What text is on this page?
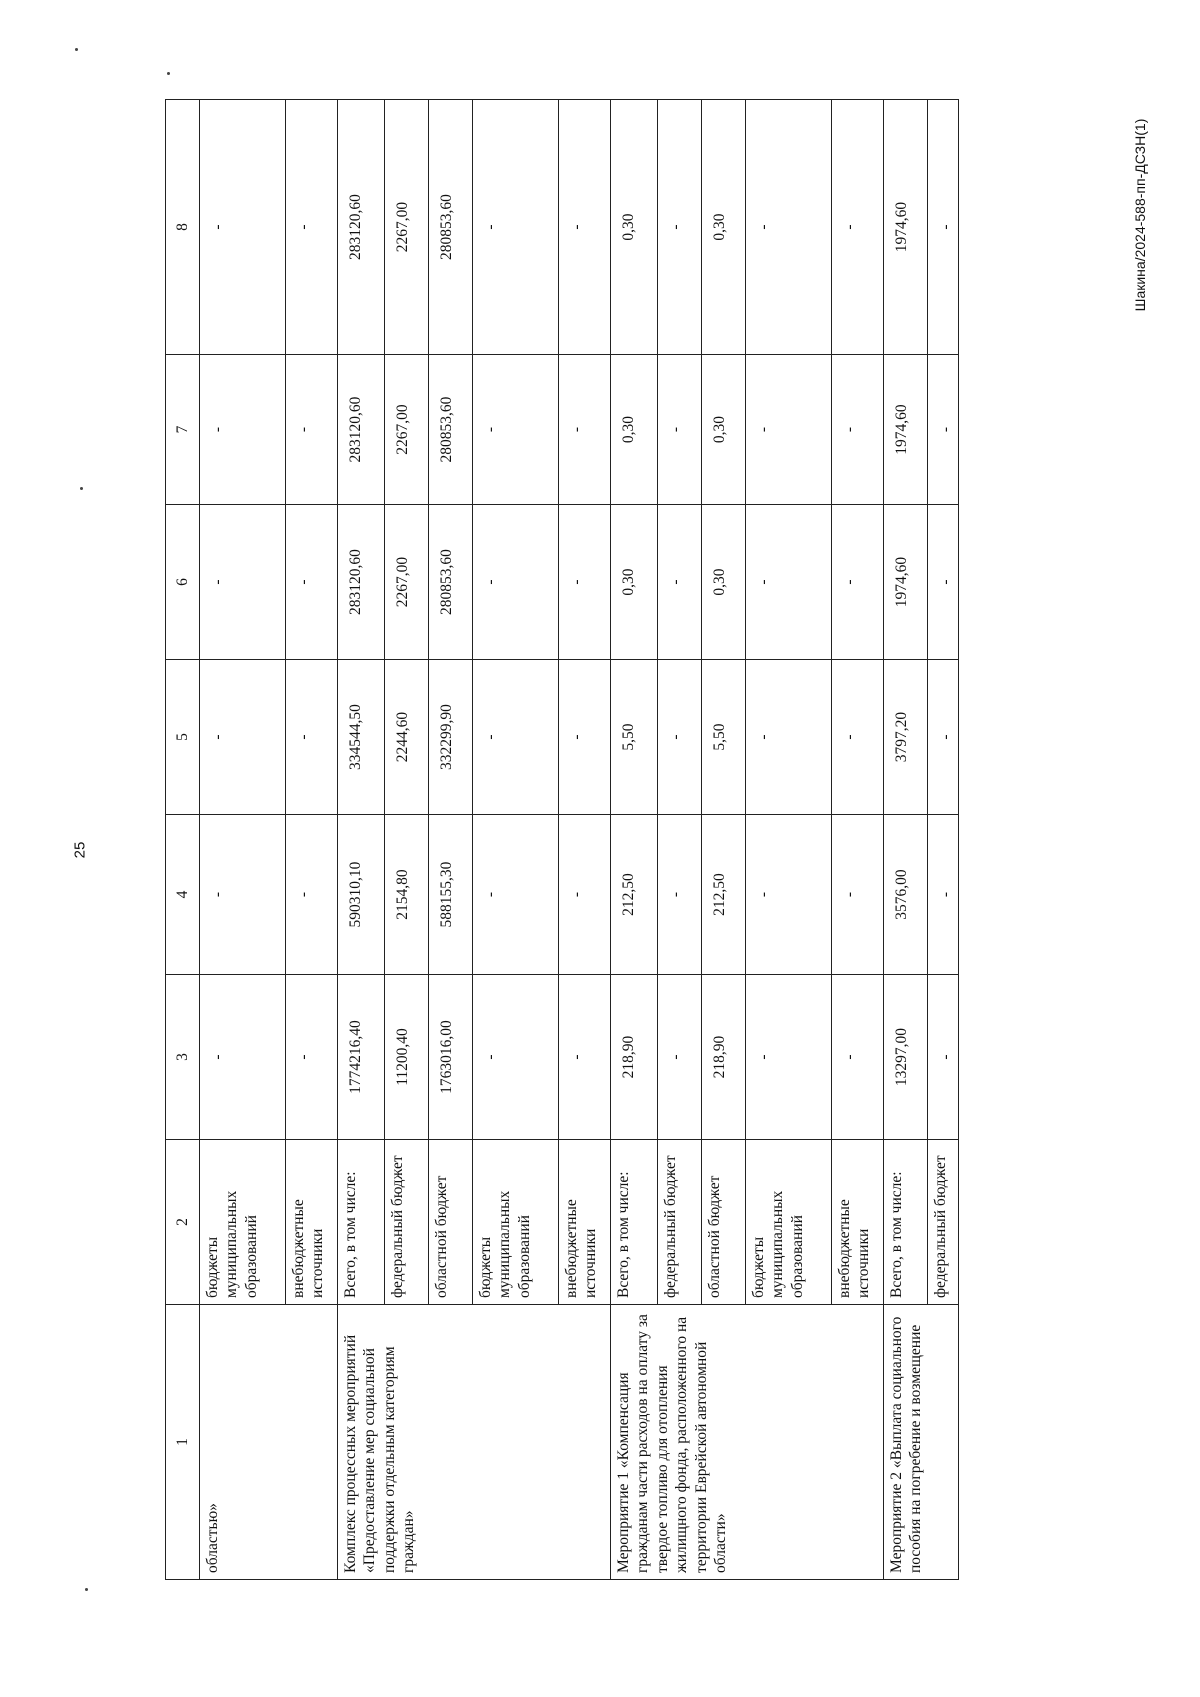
25
Шакина/2024-588-пп-ДСЗН(1)
1	2	3	4	5	6	7	8
областью»	бюджеты муниципальных образований	-	-	-	-	-	-
	внебюджетные источники	-	-	-	-	-	-
Комплекс процессных мероприятий «Предоставление мер социальной поддержки отдельным категориям граждан»	Всего, в том числе:	1774216,40	590310,10	334544,50	283120,60	283120,60	283120,60
	федеральный бюджет	11200,40	2154,80	2244,60	2267,00	2267,00	2267,00
	областной бюджет	1763016,00	588155,30	332299,90	280853,60	280853,60	280853,60
	бюджеты муниципальных образований	-	-	-	-	-	-
	внебюджетные источники	-	-	-	-	-	-
Мероприятие 1 «Компенсация гражданам части расходов на оплату за твердое топливо для отопления жилищного фонда, расположенного на территории Еврейской автономной области»	Всего, в том числе:	218,90	212,50	5,50	0,30	0,30	0,30
	федеральный бюджет	-	-	-	-	-	-
	областной бюджет	218,90	212,50	5,50	0,30	0,30	0,30
	бюджеты муниципальных образований	-	-	-	-	-	-
	внебюджетные источники	-	-	-	-	-	-
Мероприятие 2 «Выплата социального пособия на погребение и возмещение	Всего, в том числе:	13297,00	3576,00	3797,20	1974,60	1974,60	1974,60
	федеральный бюджет	-	-	-	-	-	-
